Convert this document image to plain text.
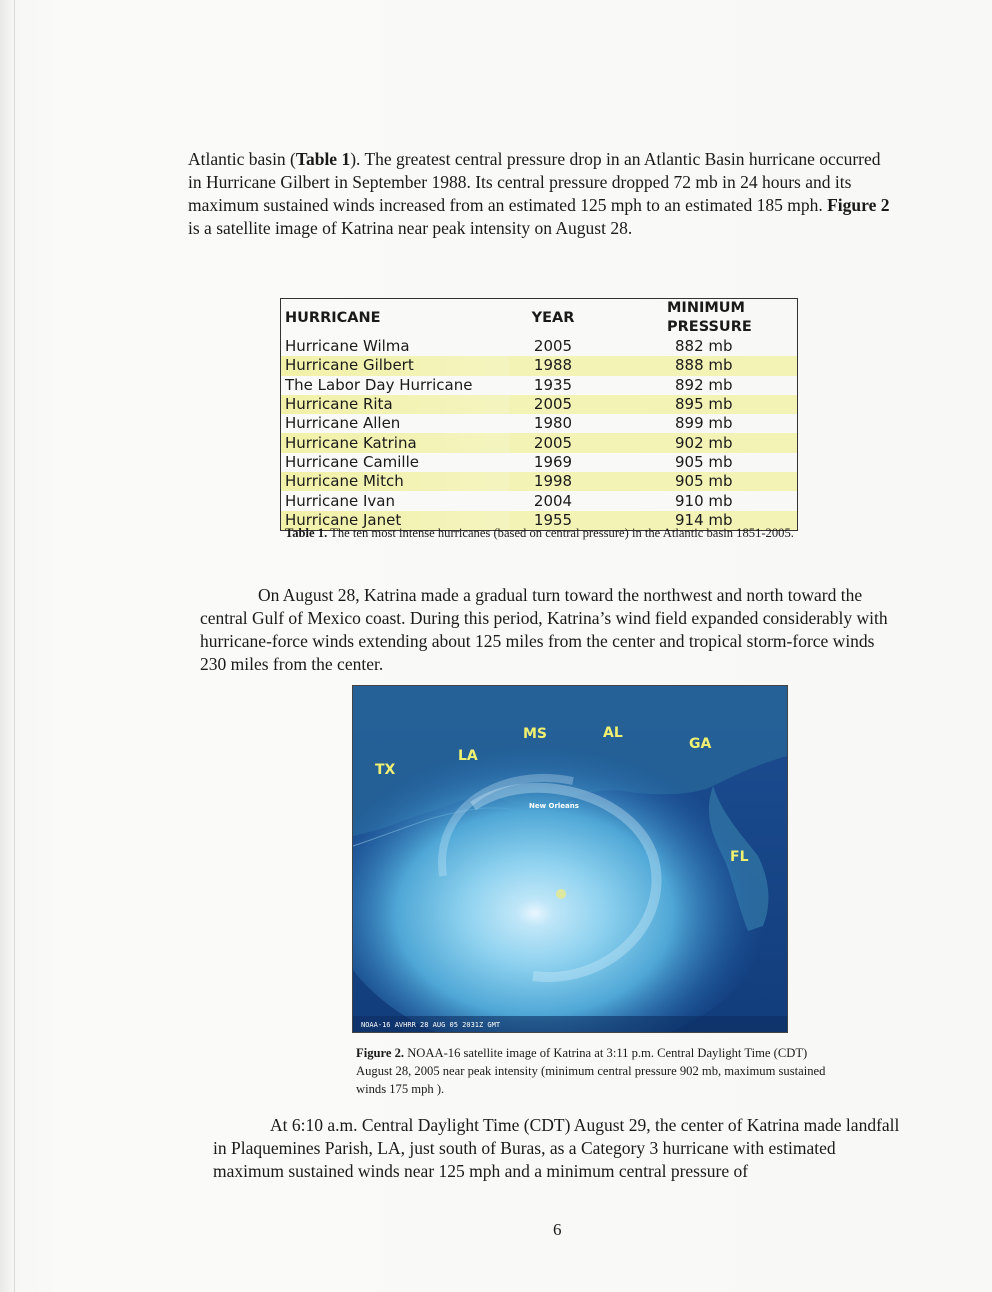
Atlantic basin (Table 1). The greatest central pressure drop in an Atlantic Basin hurricane occurred in Hurricane Gilbert in September 1988. Its central pressure dropped 72 mb in 24 hours and its maximum sustained winds increased from an estimated 125 mph to an estimated 185 mph. Figure 2 is a satellite image of Katrina near peak intensity on August 28.

HURRICANE	YEAR	MINIMUM PRESSURE
Hurricane Wilma	2005	882 mb
Hurricane Gilbert	1988	888 mb
The Labor Day Hurricane	1935	892 mb
Hurricane Rita	2005	895 mb
Hurricane Allen	1980	899 mb
Hurricane Katrina	2005	902 mb
Hurricane Camille	1969	905 mb
Hurricane Mitch	1998	905 mb
Hurricane Ivan	2004	910 mb
Hurricane Janet	1955	914 mb

Table 1. The ten most intense hurricanes (based on central pressure) in the Atlantic basin 1851-2005.

On August 28, Katrina made a gradual turn toward the northwest and north toward the central Gulf of Mexico coast. During this period, Katrina’s wind field expanded considerably with hurricane-force winds extending about 125 miles from the center and tropical storm-force winds 230 miles from the center.

TX
LA
MS	AL
GA
FL
New Orleans
NOAA-16 AVHRR 28 AUG 05 2031Z GMT

Figure 2. NOAA-16 satellite image of Katrina at 3:11 p.m. Central Daylight Time (CDT) August 28, 2005 near peak intensity (minimum central pressure 902 mb, maximum sustained winds 175 mph ).

At 6:10 a.m. Central Daylight Time (CDT) August 29, the center of Katrina made landfall in Plaquemines Parish, LA, just south of Buras, as a Category 3 hurricane with estimated maximum sustained winds near 125 mph and a minimum central pressure of

6
